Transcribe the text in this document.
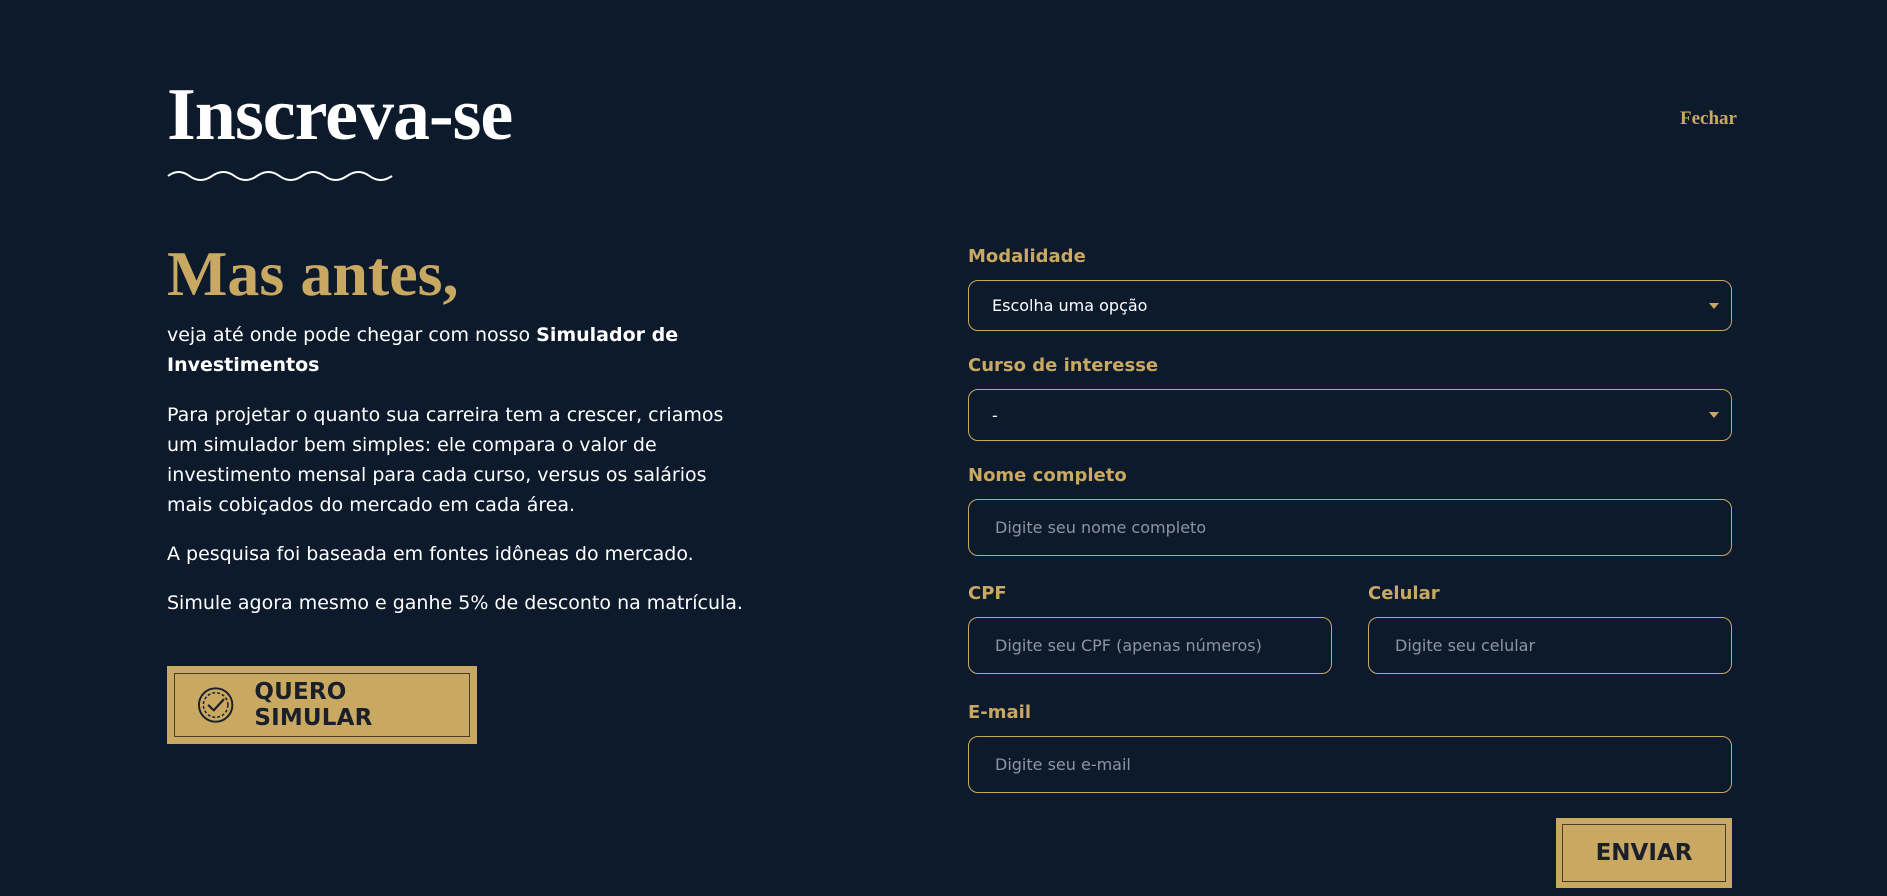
Inscreva-se	Fechar
Mas antes,

veja até onde pode chegar com nosso Simulador de Investimentos

Para projetar o quanto sua carreira tem a crescer, criamos um simulador bem simples: ele compara o valor de investimento mensal para cada curso, versus os salários mais cobiçados do mercado em cada área.

A pesquisa foi baseada em fontes idôneas do mercado.

Simule agora mesmo e ganhe 5% de desconto na matrícula.

QUERO SIMULAR
Modalidade
Escolha uma opção
Curso de interesse
-
Nome completo
Digite seu nome completo
CPF
Digite seu CPF (apenas números)
Celular
Digite seu celular
E-mail
Digite seu e-mail
ENVIAR
